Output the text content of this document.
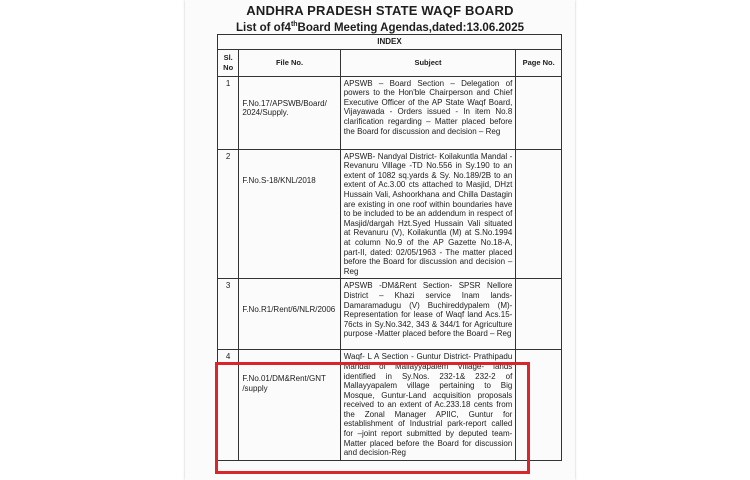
ANDHRA PRADESH STATE WAQF BOARD
List of of4thBoard Meeting Agendas,dated:13.06.2025
INDEX			
Sl. No	File No.	Subject	Page No.
1	F.No.17/APSWB/Board/ 2024/Supply.	APSWB – Board Section – Delegation of powers to the Hon'ble Chairperson and Chief Executive Officer of the AP State Waqf Board, Vijayawada - Orders issued - In item No.8 clarification regarding – Matter placed before the Board for discussion and decision – Reg	
2	F.No.S-18/KNL/2018	APSWB- Nandyal District- Koilakuntla Mandal - Revanuru Village -TD No.556 in Sy.190 to an extent of 1082 sq.yards & Sy. No.189/2B to an extent of Ac.3.00 cts attached to Masjid, DHzt Hussain Vali, Ashoorkhana and Chilla Dastagin are existing in one roof within boundaries have to be included to be an addendum in respect of Masjid/dargah Hzt.Syed Hussain Vali situated at Revanuru (V), Koilakuntla (M) at S.No.1994 at column No.9 of the AP Gazette No.18-A, part-II, dated: 02/05/1963 - The matter placed before the Board for discussion and decision –Reg	
3	F.No.R1/Rent/6/NLR/2006	APSWB -DM&Rent Section- SPSR Nellore District – Khazi service Inam lands- Damaramadugu (V) Buchireddypalem (M)- Representation for lease of Waqf land Acs.15-76cts in Sy.No.342, 343 & 344/1 for Agriculture purpose -Matter placed before the Board – Reg	
4	F.No.01/DM&Rent/GNT /supply	Waqf- L A Section - Guntur District- Prathipadu Mandal of Mallayyapalem Village- lands identified in Sy.Nos. 232-1& 232-2 of Mallayyapalem village pertaining to Big Mosque, Guntur-Land acquisition proposals received to an extent of Ac.233.18 cents from the Zonal Manager APIIC, Guntur for establishment of Industrial park-report called for –joint report submitted by deputed team- Matter placed before the Board for discussion and decision-Reg	
